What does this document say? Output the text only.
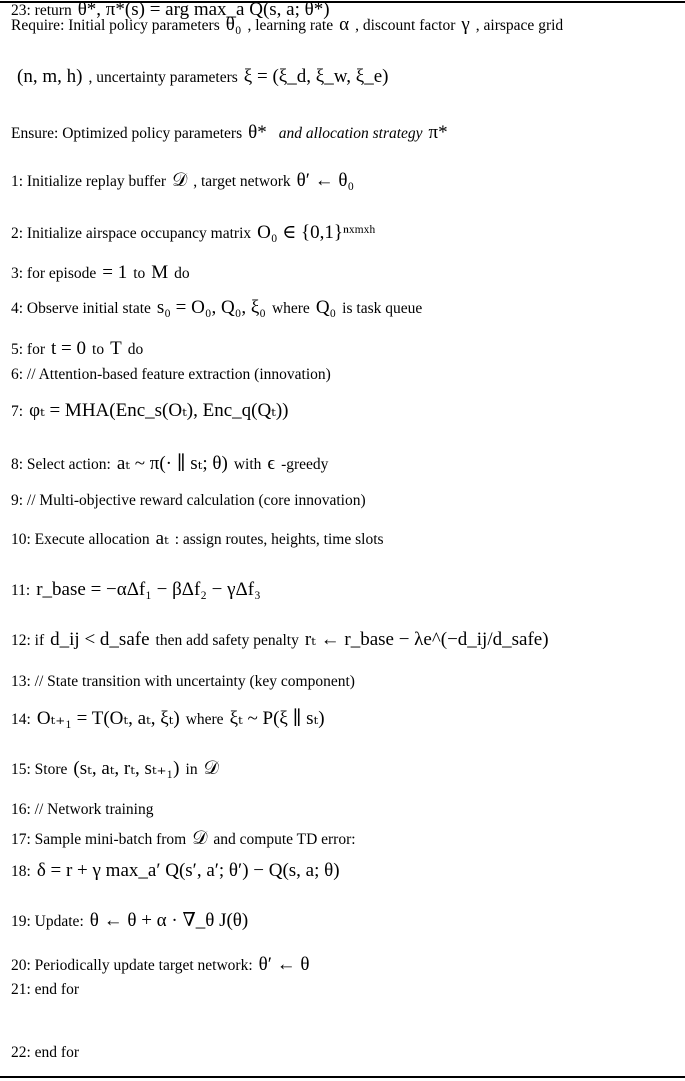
Require: Initial policy parameters θ₀ , learning rate α , discount factor γ , airspace grid
(n, m, h) , uncertainty parameters ξ = (ξ_d, ξ_w, ξ_e)
Ensure: Optimized policy parameters θ* and allocation strategy π*
1: Initialize replay buffer 𝒟 , target network θ′ ← θ₀
2: Initialize airspace occupancy matrix O₀ ∈ {0,1}ⁿˣᵐˣʰ
3: for episode = 1 to M do
4: Observe initial state s₀ = O₀, Q₀, ξ₀ where Q₀ is task queue
5: for t = 0 to T do
6: // Attention-based feature extraction (innovation)
7: φₜ = MHA(Enc_s(Oₜ), Enc_q(Qₜ))
8: Select action: aₜ ~ π(· ∥ sₜ; θ) with ϵ -greedy
9: // Multi-objective reward calculation (core innovation)
10: Execute allocation aₜ : assign routes, heights, time slots
11: r_base = −αΔf₁ − βΔf₂ − γΔf₃
12: if d_ij < d_safe then add safety penalty rₜ ← r_base − λe^(−d_ij/d_safe)
13: // State transition with uncertainty (key component)
14: Oₜ₊₁ = T(Oₜ, aₜ, ξₜ) where ξₜ ~ P(ξ ∥ sₜ)
15: Store (sₜ, aₜ, rₜ, sₜ₊₁) in 𝒟
16: // Network training
17: Sample mini-batch from 𝒟 and compute TD error:
18: δ = r + γ max_a′ Q(s′, a′; θ′) − Q(s, a; θ)
19: Update: θ ← θ + α · ∇_θ J(θ)
20: Periodically update target network: θ′ ← θ
21: end for
22: end for
23: return θ*, π*(s) = arg max_a Q(s, a; θ*)
